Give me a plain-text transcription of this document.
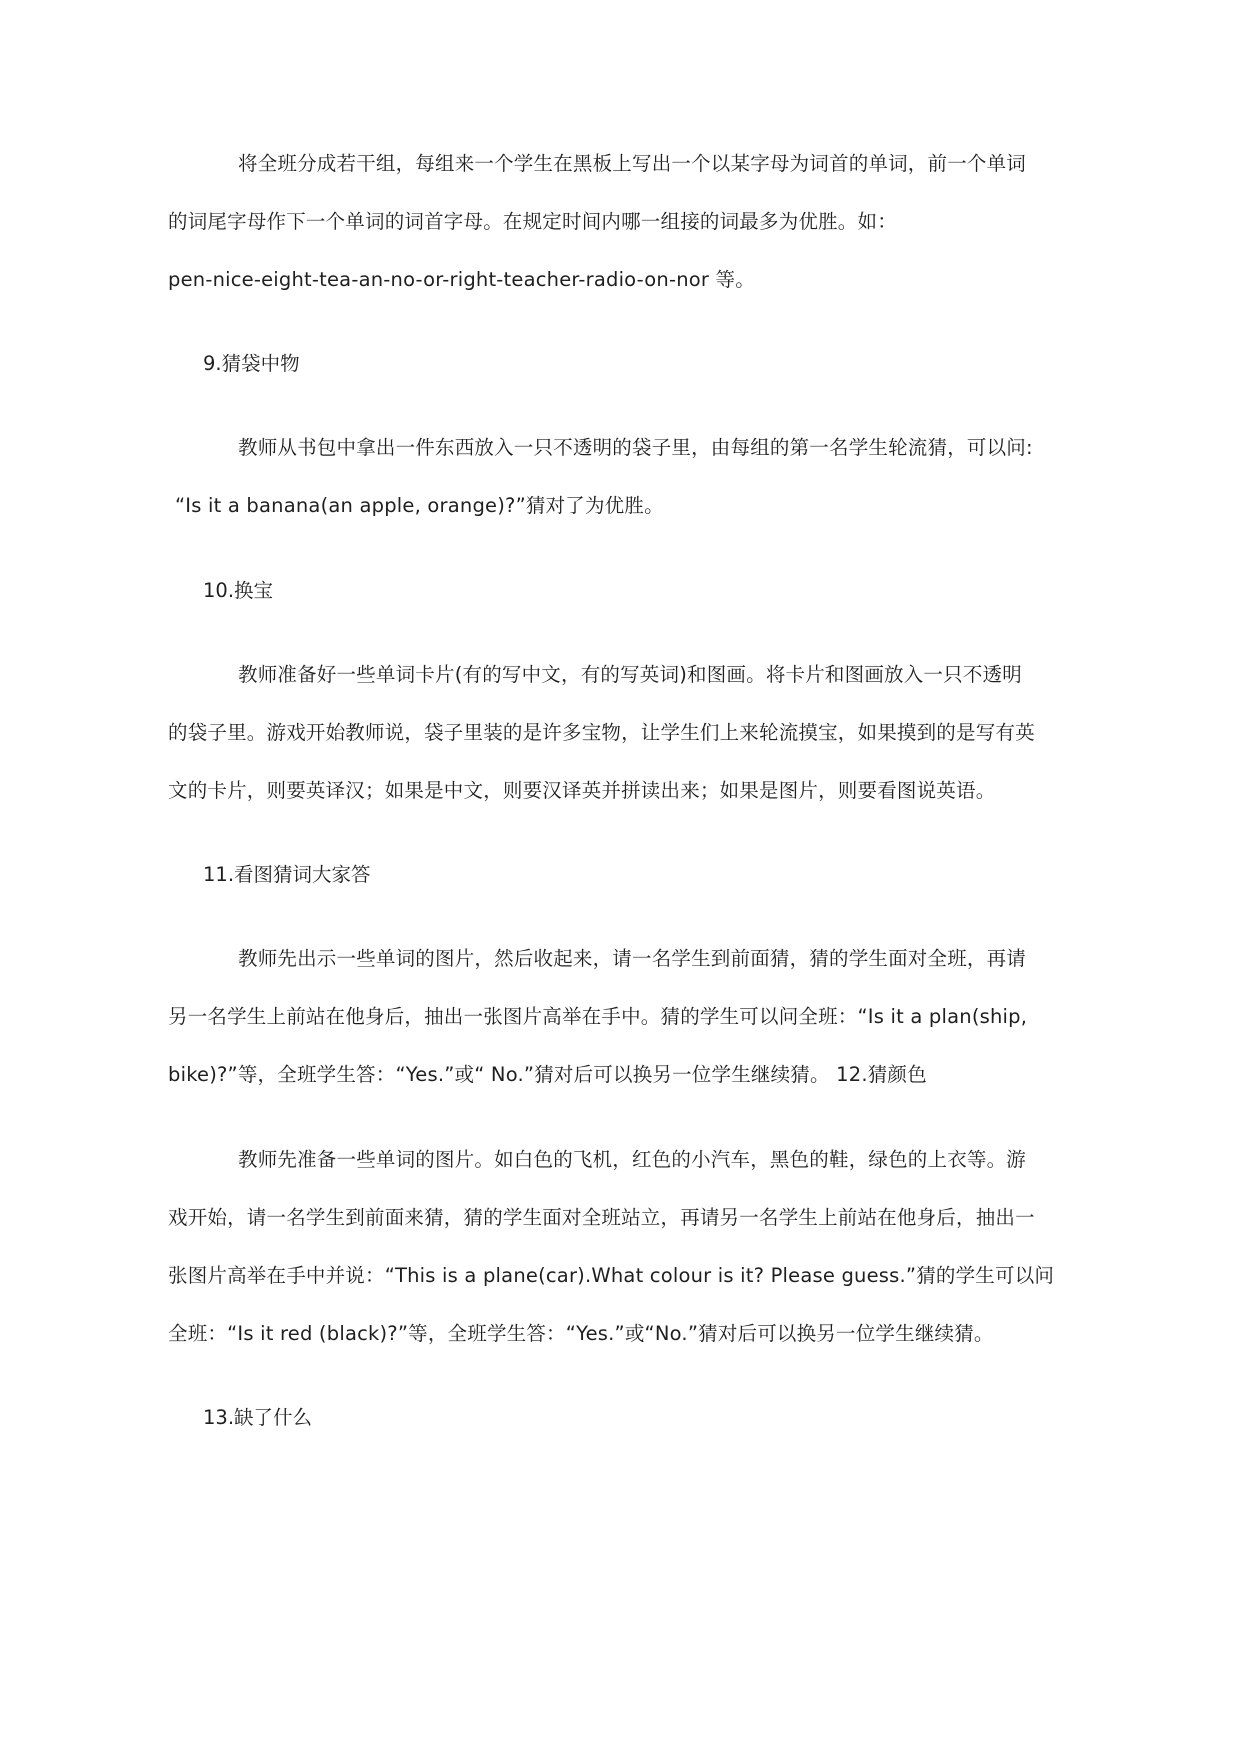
将全班分成若干组，每组来一个学生在黑板上写出一个以某字母为词首的单词，前一个单词
的词尾字母作下一个单词的词首字母。在规定时间内哪一组接的词最多为优胜。如：
pen-nice-eight-tea-an-no-or-right-teacher-radio-on-nor 等。
9.猜袋中物
教师从书包中拿出一件东西放入一只不透明的袋子里，由每组的第一名学生轮流猜，可以问:
“Is it a banana(an apple, orange)?”猜对了为优胜。
10.换宝
教师准备好一些单词卡片(有的写中文，有的写英词)和图画。将卡片和图画放入一只不透明
的袋子里。游戏开始教师说，袋子里装的是许多宝物，让学生们上来轮流摸宝，如果摸到的是写有英
文的卡片，则要英译汉；如果是中文，则要汉译英并拼读出来；如果是图片，则要看图说英语。
11.看图猜词大家答
教师先出示一些单词的图片，然后收起来，请一名学生到前面猜，猜的学生面对全班，再请
另一名学生上前站在他身后，抽出一张图片高举在手中。猜的学生可以问全班：“Is it a plan(ship,
bike)?”等，全班学生答：“Yes.”或“ No.”猜对后可以换另一位学生继续猜。 12.猜颜色
教师先准备一些单词的图片。如白色的飞机，红色的小汽车，黑色的鞋，绿色的上衣等。游
戏开始，请一名学生到前面来猜，猜的学生面对全班站立，再请另一名学生上前站在他身后，抽出一
张图片高举在手中并说：“This is a plane(car).What colour is it? Please guess.”猜的学生可以问
全班：“Is it red (black)?”等，全班学生答：“Yes.”或“No.”猜对后可以换另一位学生继续猜。
13.缺了什么
